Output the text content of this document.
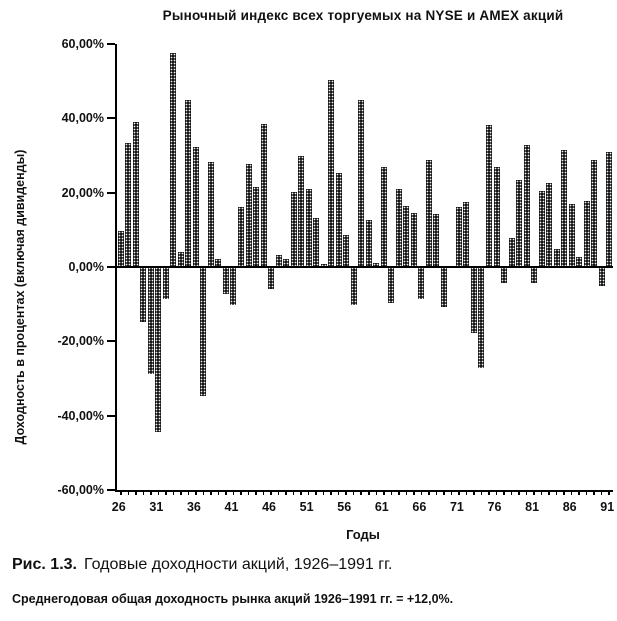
Рыночный индекс всех торгуемых на NYSE и AMEX акций
Доходность в процентах (включая дивиденды)
60,00%
40,00%
20,00%
0,00%
-20,00%
-40,00%
-60,00%
26	31	36	41	46	51	56	61	66	71	76	81	86	91
Годы
Рис. 1.3. Годовые доходности акций, 1926–1991 гг.
Среднегодовая общая доходность рынка акций 1926–1991 гг. = +12,0%.
